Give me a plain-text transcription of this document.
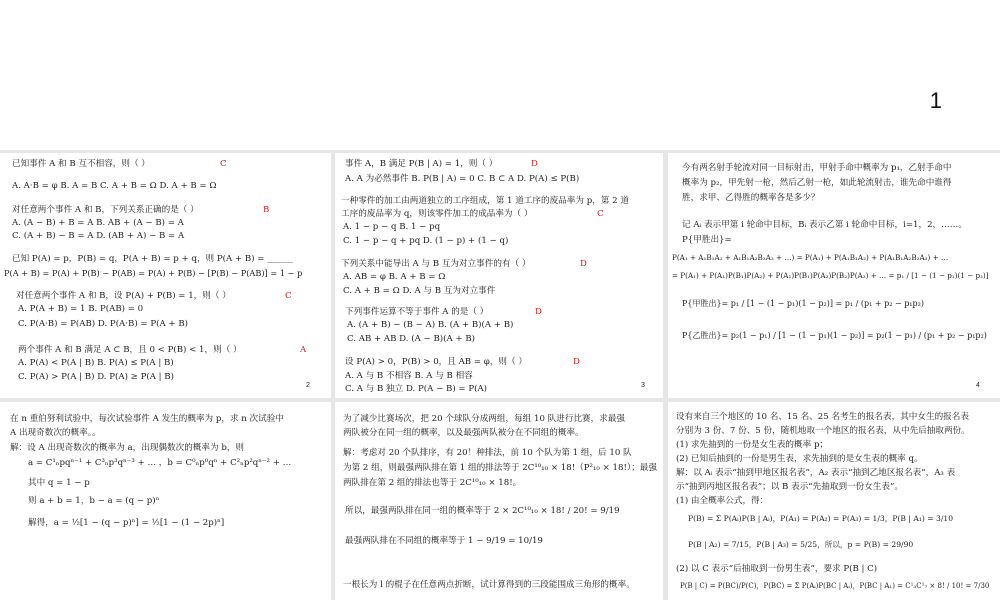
1
已知事件 A 和 B 互不相容，则（ ）	C
A. A·B = φ B. A = B C. A + B = Ω D. A + B = Ω
对任意两个事件 A 和 B，下列关系正确的是（ ）	B
A. (A − B) + B = A B. AB + (A − B) = A
C. (A + B) − B = A D. (AB + A) − B = A
已知 P(A) = p，P(B) = q，P(A + B) = p + q，则 P(A + B) = ______
P(A + B) = P(A) + P(B) − P(AB) = P(A) + P(B) − [P(B) − P(AB)] = 1 − p
对任意两个事件 A 和 B，设 P(A) + P(B) = 1，则（ ）	C
A. P(A + B) = 1 B. P(AB) = 0
C. P(A·B) = P(AB) D. P(A·B) = P(A + B)
两个事件 A 和 B 满足 A ⊂ B，且 0 < P(B) < 1，则（ ）	A
A. P(A) < P(A | B) B. P(A) ≤ P(A | B)
C. P(A) > P(A | B) D. P(A) ≥ P(A | B)
2
事件 A，B 满足 P(B | A) = 1，则（ ）	D
A. A 为必然事件 B. P(B | A) = 0 C. B ⊂ A D. P(A) ≤ P(B)
一种零件的加工由两道独立的工序组成，第 1 道工序的废品率为 p，第 2 道
工序的废品率为 q，则该零件加工的成品率为（ ）	C
A. 1 − p − q B. 1 − pq
C. 1 − p − q + pq D. (1 − p) + (1 − q)
下列关系中能导出 A 与 B 互为对立事件的有（ ）	D
A. AB = φ B. A + B = Ω
C. A + B = Ω D. A 与 B 互为对立事件
下列事件运算不等于事件 A 的是（ ）	D
A. (A + B) − (B − A) B. (A + B)(A + B)
C. AB + AB D. (A − B)(A + B)
设 P(A) > 0，P(B) > 0，且 AB = φ，则（ ）	D
A. A 与 B 不相容 B. A 与 B 相容
C. A 与 B 独立 D. P(A − B) = P(A)	3
今有两名射手轮流对同一目标射击，甲射手命中概率为 p₁，乙射手命中
概率为 p₂，甲先射一枪，然后乙射一枪，如此轮流射击，谁先命中谁得
胜，求甲、乙得胜的概率各是多少？
记 Aᵢ 表示甲第 i 轮命中目标，Bᵢ 表示乙第 i 轮命中目标，i=1，2，……。
P{甲胜出}=
P(A₁ + A₁B₁A₂ + A₁B₁A₂B₂A₃ + …) = P(A₁) + P(A₁B₁A₂) + P(A₁B₁A₂B₂A₃) + …
= P(A₁) + P(A₁)P(B₁)P(A₂) + P(A₁)P(B₁)P(A₂)P(B₂)P(A₃) + … = p₁ / [1 − (1 − p₁)(1 − p₂)]
P{甲胜出}= p₁ / [1 − (1 − p₁)(1 − p₂)] = p₁ / (p₁ + p₂ − p₁p₂)
P{乙胜出}= p₂(1 − p₁) / [1 − (1 − p₁)(1 − p₂)] = p₂(1 − p₁) / (p₁ + p₂ − p₁p₂)
4
在 n 重伯努利试验中，每次试验事件 A 发生的概率为 p，求 n 次试验中
A 出现奇数次的概率。。
解：设 A 出现奇数次的概率为 a，出现偶数次的概率为 b，则
a = C¹ₙpqⁿ⁻¹ + C³ₙp³qⁿ⁻³ + … ，b = C⁰ₙp⁰qⁿ + C²ₙp²qⁿ⁻² + …
其中 q = 1 − p
则 a + b = 1，b − a = (q − p)ⁿ
解得，a = ½[1 − (q − p)ⁿ] = ½[1 − (1 − 2p)ⁿ]
为了减少比赛场次，把 20 个球队分成两组，每组 10 队进行比赛，求最强
两队被分在同一组的概率，以及最强两队被分在不同组的概率。
解：考虑对 20 个队排序，有 20！种排法，前 10 个队为第 1 组，后 10 队
为第 2 组，则最强两队排在第 1 组的排法等于 2C¹⁰₁₀ × 18!（P²₁₀ × 18!）；最强
两队排在第 2 组的排法也等于 2C¹⁰₁₀ × 18!。
所以，最强两队排在同一组的概率等于 2 × 2C¹⁰₁₀ × 18! / 20! = 9/19
最强两队排在不同组的概率等于 1 − 9/19 = 10/19
一根长为 l 的棍子在任意两点折断，试计算得到的三段能围成三角形的概率。
设有来自三个地区的 10 名、15 名、25 名考生的报名表，其中女生的报名表
分别为 3 份、7 份、5 份，随机地取一个地区的报名表，从中先后抽取两份。
(1) 求先抽到的一份是女生表的概率 p；
(2) 已知后抽到的一份是男生表，求先抽到的是女生表的概率 q。
解：以 Aᵢ 表示“抽到甲地区报名表”，A₂ 表示“抽到乙地区报名表”，A₃ 表
示“抽到丙地区报名表”；以 B 表示“先抽取到一份女生表”。
(1) 由全概率公式，得：
P(B) = Σ P(Aᵢ)P(B | Aᵢ)，P(A₁) = P(A₂) = P(A₃) = 1/3，P(B | A₁) = 3/10
P(B | A₂) = 7/15，P(B | A₃) = 5/25，所以，p = P(B) = 29/90
(2) 以 C 表示“后抽取到一份男生表”，要求 P(B | C)
P(B | C) = P(BC)/P(C)，P(BC) = Σ P(Aᵢ)P(BC | Aᵢ)，P(BC | A₁) = C¹₃C¹₇ × 8! / 10! = 7/30
